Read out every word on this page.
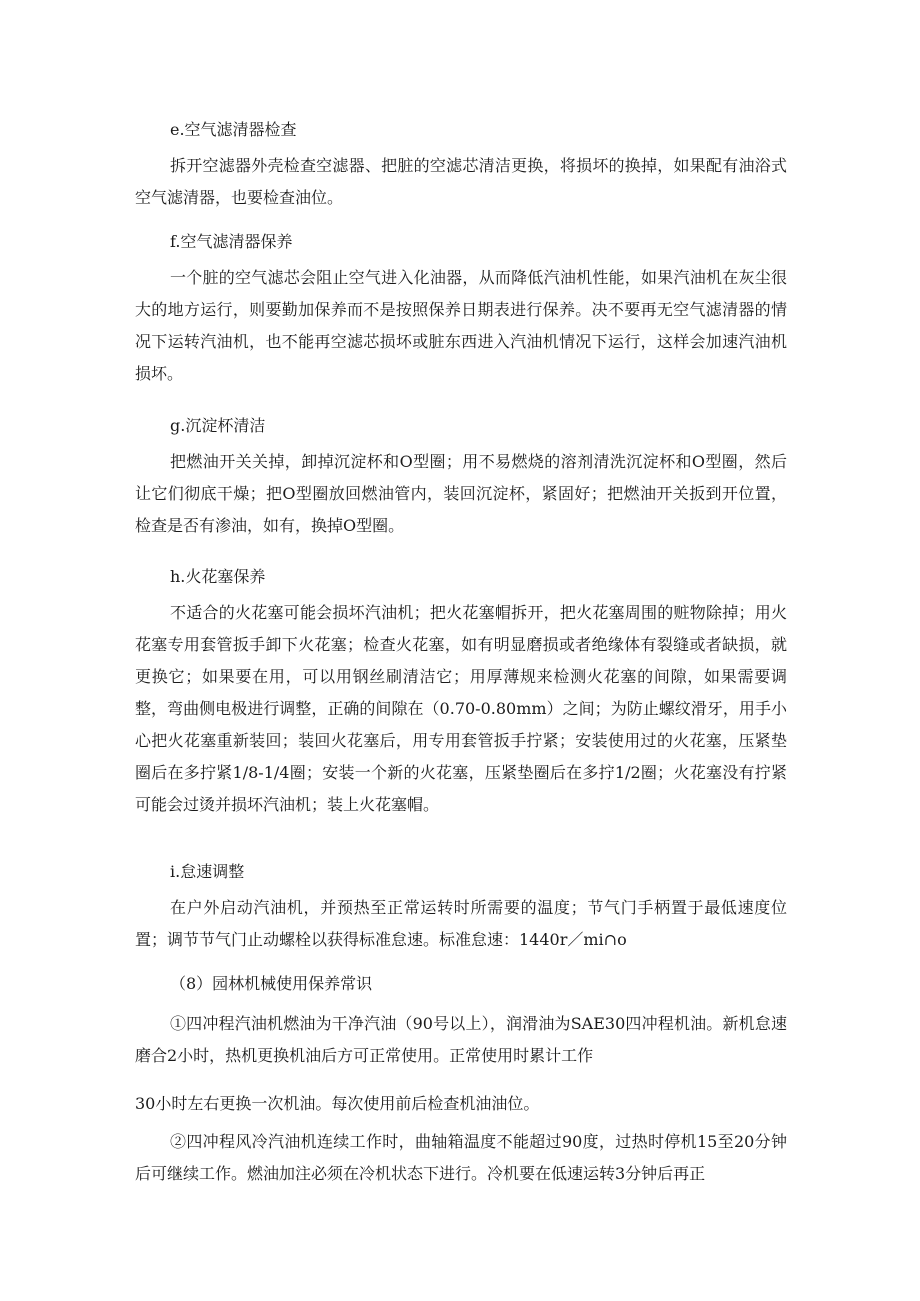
e.空气滤清器检查

拆开空滤器外壳检查空滤器、把脏的空滤芯清洁更换，将损坏的换掉，如果配有油浴式空气滤清器，也要检查油位。

f.空气滤清器保养

一个脏的空气滤芯会阻止空气进入化油器，从而降低汽油机性能，如果汽油机在灰尘很大的地方运行，则要勤加保养而不是按照保养日期表进行保养。决不要再无空气滤清器的情况下运转汽油机，也不能再空滤芯损坏或脏东西进入汽油机情况下运行，这样会加速汽油机损坏。

g.沉淀杯清洁

把燃油开关关掉，卸掉沉淀杯和O型圈；用不易燃烧的溶剂清洗沉淀杯和O型圈，然后让它们彻底干燥；把O型圈放回燃油管内，装回沉淀杯，紧固好；把燃油开关扳到开位置，检查是否有渗油，如有，换掉O型圈。

h.火花塞保养

不适合的火花塞可能会损坏汽油机；把火花塞帽拆开，把火花塞周围的赃物除掉；用火花塞专用套管扳手卸下火花塞；检查火花塞，如有明显磨损或者绝缘体有裂缝或者缺损，就更换它；如果要在用，可以用钢丝刷清洁它；用厚薄规来检测火花塞的间隙，如果需要调整，弯曲侧电极进行调整，正确的间隙在（0.70-0.80mm）之间；为防止螺纹滑牙，用手小心把火花塞重新装回；装回火花塞后，用专用套管扳手拧紧；安装使用过的火花塞，压紧垫圈后在多拧紧1/8-1/4圈；安装一个新的火花塞，压紧垫圈后在多拧1/2圈；火花塞没有拧紧可能会过烫并损坏汽油机；装上火花塞帽。

i.怠速调整

在户外启动汽油机，并预热至正常运转时所需要的温度；节气门手柄置于最低速度位置；调节节气门止动螺栓以获得标准怠速。标准怠速：1440r／mi∩o

（8）园林机械使用保养常识

①四冲程汽油机燃油为干净汽油（90号以上），润滑油为SAE30四冲程机油。新机怠速磨合2小时，热机更换机油后方可正常使用。正常使用时累计工作

30小时左右更换一次机油。每次使用前后检查机油油位。

②四冲程风冷汽油机连续工作时，曲轴箱温度不能超过90度，过热时停机15至20分钟后可继续工作。燃油加注必须在冷机状态下进行。冷机要在低速运转3分钟后再正
